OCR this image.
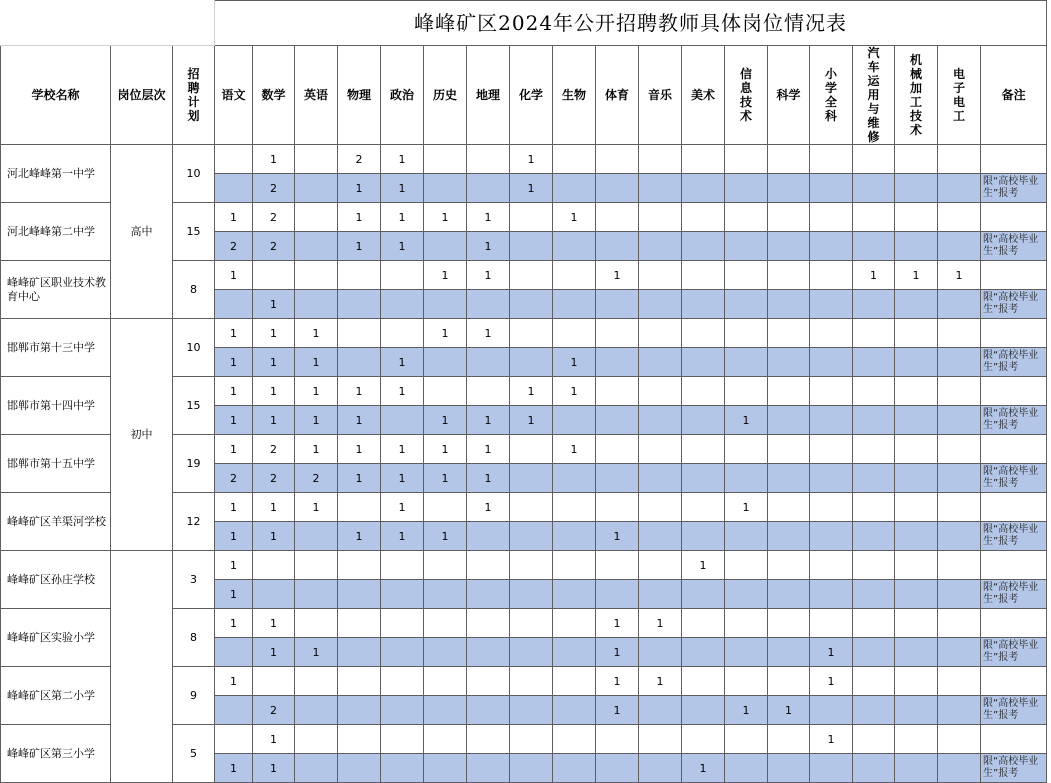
			峰峰矿区2024年公开招聘教师具体岗位情况表																		
学校名称	岗位层次	招聘计划	语文	数学	英语	物理	政治	历史	地理	化学	生物	体育	音乐	美术	信息技术	科学	小学全科	汽车运用与维修	机械加工技术	电子电工	备注
河北峰峰第一中学	高中	10		1		2	1			1											
				2		1	1			1											限“高校毕业生”报考
河北峰峰第二中学		15	1	2		1	1	1	1		1										
			2	2		1	1		1												限“高校毕业生”报考
峰峰矿区职业技术教育中心		8	1					1	1			1						1	1	1	
				1																	限“高校毕业生”报考
邯郸市第十三中学	初中	10	1	1	1			1	1												
			1	1	1		1				1										限“高校毕业生”报考
邯郸市第十四中学		15	1	1	1	1	1			1	1										
			1	1	1	1		1	1	1					1						限“高校毕业生”报考
邯郸市第十五中学		19	1	2	1	1	1	1	1		1										
			2	2	2	1	1	1	1												限“高校毕业生”报考
峰峰矿区羊渠河学校		12	1	1	1		1		1						1						
			1	1		1	1	1				1									限“高校毕业生”报考
峰峰矿区孙庄学校		3	1											1							
			1																		限“高校毕业生”报考
峰峰矿区实验小学		8	1	1								1	1								
				1	1							1					1				限“高校毕业生”报考
峰峰矿区第二小学		9	1									1	1				1				
				2								1			1	1					限“高校毕业生”报考
峰峰矿区第三小学		5		1													1				
			1	1										1							限“高校毕业生”报考
